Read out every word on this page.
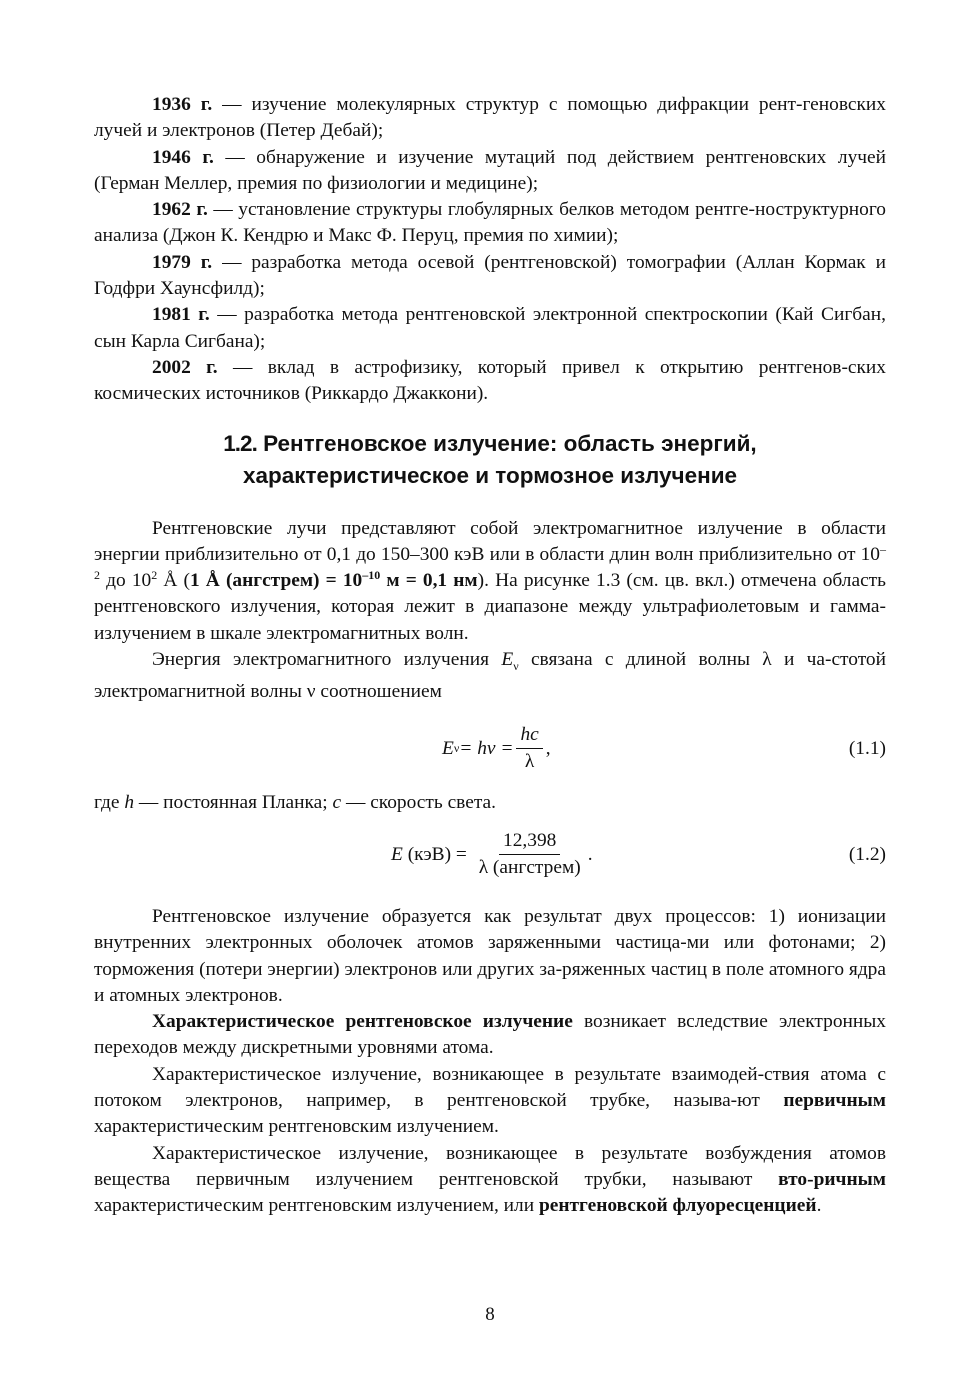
1936 г. — изучение молекулярных структур с помощью дифракции рент-геновских лучей и электронов (Петер Дебай);

1946 г. — обнаружение и изучение мутаций под действием рентгеновских лучей (Герман Меллер, премия по физиологии и медицине);

1962 г. — установление структуры глобулярных белков методом рентге-ноструктурного анализа (Джон К. Кендрю и Макс Ф. Перуц, премия по химии);

1979 г. — разработка метода осевой (рентгеновской) томографии (Аллан Кормак и Годфри Хаунсфилд);

1981 г. — разработка метода рентгеновской электронной спектроскопии (Кай Сигбан, сын Карла Сигбана);

2002 г. — вклад в астрофизику, который привел к открытию рентгенов-ских космических источников (Риккардо Джаккони).

1.2. Рентгеновское излучение: область энергий,
характеристическое и тормозное излучение

Рентгеновские лучи представляют собой электромагнитное излучение в области энергии приблизительно от 0,1 до 150–300 кэВ или в области длин волн приблизительно от $10^{-2}$ до $10^2$ Å (1 Å (ангстрем) = $10^{-10}$ м = 0,1 нм). На рисунке 1.3 (см. цв. вкл.) отмечена область рентгеновского излучения, которая лежит в диапазоне между ультрафиолетовым и гамма-излучением в шкале электромагнитных волн.

Энергия электромагнитного излучения $E_\nu$ связана с длиной волны λ и ча-стотой электромагнитной волны ν соотношением

E $\nu = h\nu = \frac{hc}{\lambda}$ ,	(1.1)

где h — постоянная Планка; c — скорость света.

E $(кэВ) = \frac{12,398}{\text{λ (ангстрем)}}$ .	(1.2)

Рентгеновское излучение образуется как результат двух процессов: 1) ионизации внутренних электронных оболочек атомов заряженными частица-ми или фотонами; 2) торможения (потери энергии) электронов или других за-ряженных частиц в поле атомного ядра и атомных электронов.

Характеристическое рентгеновское излучение возникает вследствие электронных переходов между дискретными уровнями атома.

Характеристическое излучение, возникающее в результате взаимодей-ствия атома с потоком электронов, например, в рентгеновской трубке, называ-ют первичным характеристическим рентгеновским излучением.

Характеристическое излучение, возникающее в результате возбуждения атомов вещества первичным излучением рентгеновской трубки, называют вто-ричным характеристическим рентгеновским излучением, или рентгеновской флуоресценцией.

8
